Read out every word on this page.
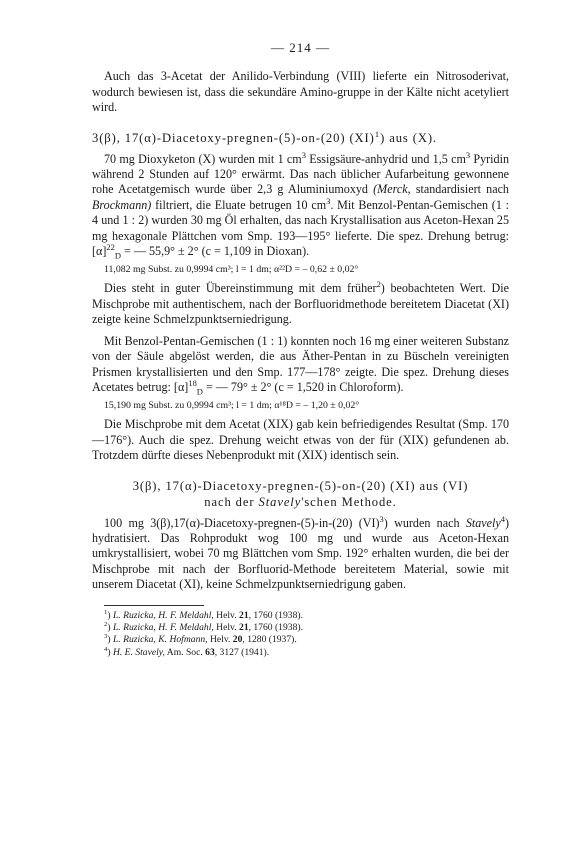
— 214 —

Auch das 3-Acetat der Anilido-Verbindung (VIII) lieferte ein Nitrosoderivat, wodurch bewiesen ist, dass die sekundäre Amino-gruppe in der Kälte nicht acetyliert wird.

3(β), 17(α)-Diacetoxy-pregnen-(5)-on-(20) (XI)$^1$) aus (X).

70 mg Dioxyketon (X) wurden mit 1 $cm^3$ Essigsäure-anhydrid und 1,5 $cm^3$ Pyridin während 2 Stunden auf 120° erwärmt. Das nach üblicher Aufarbeitung gewonnene rohe Acetatgemisch wurde über 2,3 g Aluminiumoxyd (Merck, standardisiert nach Brockmann) filtriert, die Eluate betrugen 10 $cm^3$. Mit Benzol-Pentan-Gemischen (1 : 4 und 1 : 2) wurden 30 mg Öl erhalten, das nach Krystallisation aus Aceton-Hexan 25 mg hexagonale Plättchen vom Smp. 193—195° lieferte. Die spez. Drehung betrug: $[\alpha]^{22}_D$ = — 55,9° ± 2° (c = 1,109 in Dioxan).

11,082 mg Subst. zu 0,9994 cm³; l = 1 dm; α²²D = – 0,62 ± 0,02°

Dies steht in guter Übereinstimmung mit dem früher$^2$) beobachteten Wert. Die Mischprobe mit authentischem, nach der Borfluoridmethode bereitetem Diacetat (XI) zeigte keine Schmelzpunktserniedrigung.

Mit Benzol-Pentan-Gemischen (1 : 1) konnten noch 16 mg einer weiteren Substanz von der Säule abgelöst werden, die aus Äther-Pentan in zu Büscheln vereinigten Prismen krystallisierten und den Smp. 177—178° zeigte. Die spez. Drehung dieses Acetates betrug: $[\alpha]^{18}_D$ = — 79° ± 2° (c = 1,520 in Chloroform).

15,190 mg Subst. zu 0,9994 cm³; l = 1 dm; α¹⁸D = – 1,20 ± 0,02°

Die Mischprobe mit dem Acetat (XIX) gab kein befriedigendes Resultat (Smp. 170—176°). Auch die spez. Drehung weicht etwas von der für (XIX) gefundenen ab. Trotzdem dürfte dieses Nebenprodukt mit (XIX) identisch sein.

3(β), 17(α)-Diacetoxy-pregnen-(5)-on-(20) (XI) aus (VI)
nach der Stavely'schen Methode.

100 mg 3(β),17(α)-Diacetoxy-pregnen-(5)-in-(20) (VI)$^3$) wurden nach Stavely$^4$) hydratisiert. Das Rohprodukt wog 100 mg und wurde aus Aceton-Hexan umkrystallisiert, wobei 70 mg Blättchen vom Smp. 192° erhalten wurden, die bei der Mischprobe mit nach der Borfluorid-Methode bereitetem Material, sowie mit unserem Diacetat (XI), keine Schmelzpunktserniedrigung gaben.

$^1$) L. Ruzicka, H. F. Meldahl, Helv. 21, 1760 (1938).
$^2$) L. Ruzicka, H. F. Meldahl, Helv. 21, 1760 (1938).
$^3$) L. Ruzicka, K. Hofmann, Helv. 20, 1280 (1937).
$^4$) H. E. Stavely, Am. Soc. 63, 3127 (1941).
